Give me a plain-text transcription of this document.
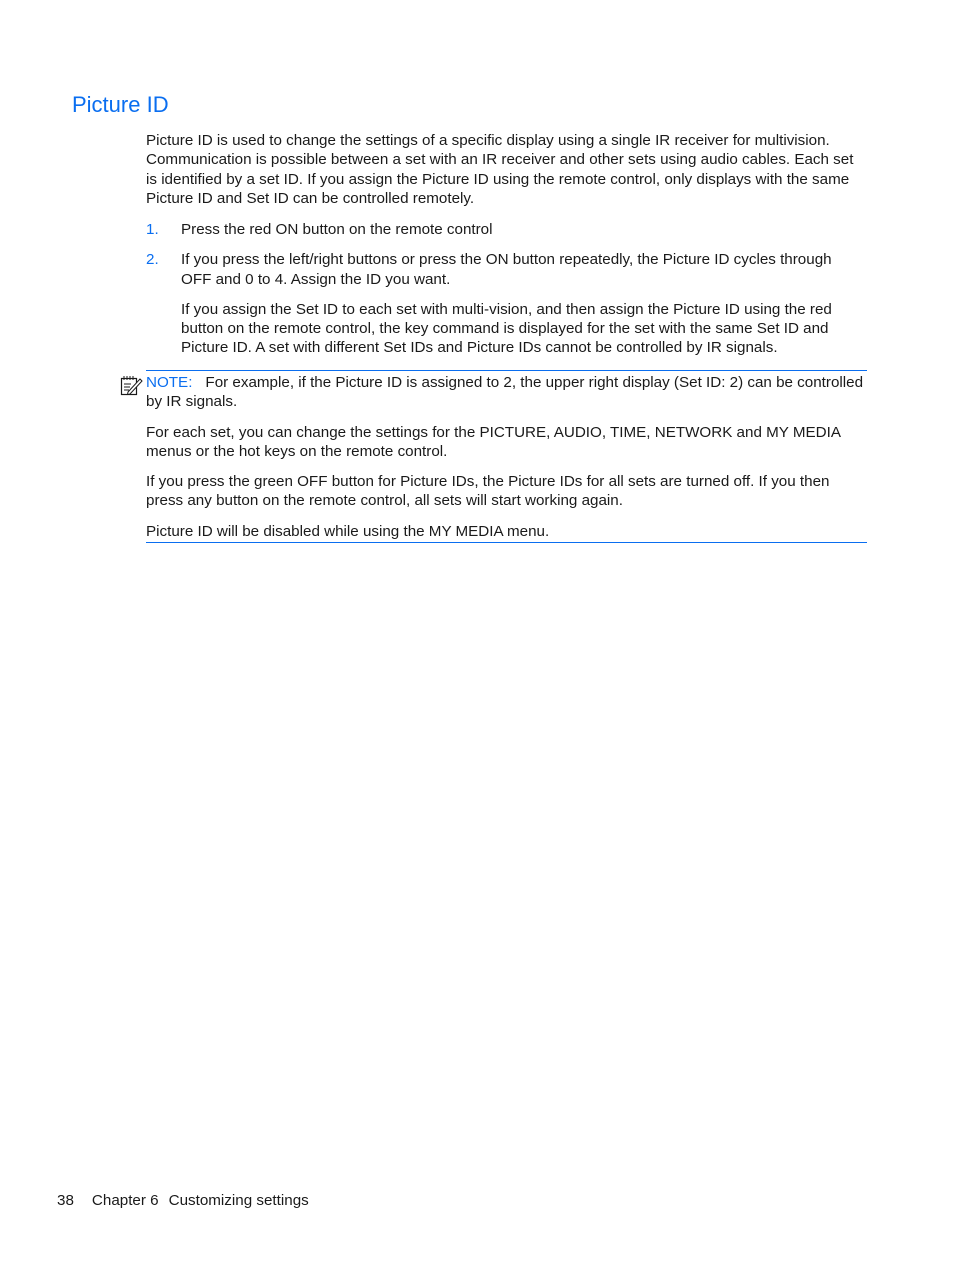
Picture ID

Picture ID is used to change the settings of a specific display using a single IR receiver for multivision. Communication is possible between a set with an IR receiver and other sets using audio cables. Each set is identified by a set ID. If you assign the Picture ID using the remote control, only displays with the same Picture ID and Set ID can be controlled remotely.

1. Press the red ON button on the remote control
2. If you press the left/right buttons or press the ON button repeatedly, the Picture ID cycles through OFF and 0 to 4. Assign the ID you want.
If you assign the Set ID to each set with multi-vision, and then assign the Picture ID using the red button on the remote control, the key command is displayed for the set with the same Set ID and Picture ID. A set with different Set IDs and Picture IDs cannot be controlled by IR signals.

NOTE: For example, if the Picture ID is assigned to 2, the upper right display (Set ID: 2) can be controlled by IR signals.

For each set, you can change the settings for the PICTURE, AUDIO, TIME, NETWORK and MY MEDIA menus or the hot keys on the remote control.

If you press the green OFF button for Picture IDs, the Picture IDs for all sets are turned off. If you then press any button on the remote control, all sets will start working again.

Picture ID will be disabled while using the MY MEDIA menu.

38 Chapter 6 Customizing settings
